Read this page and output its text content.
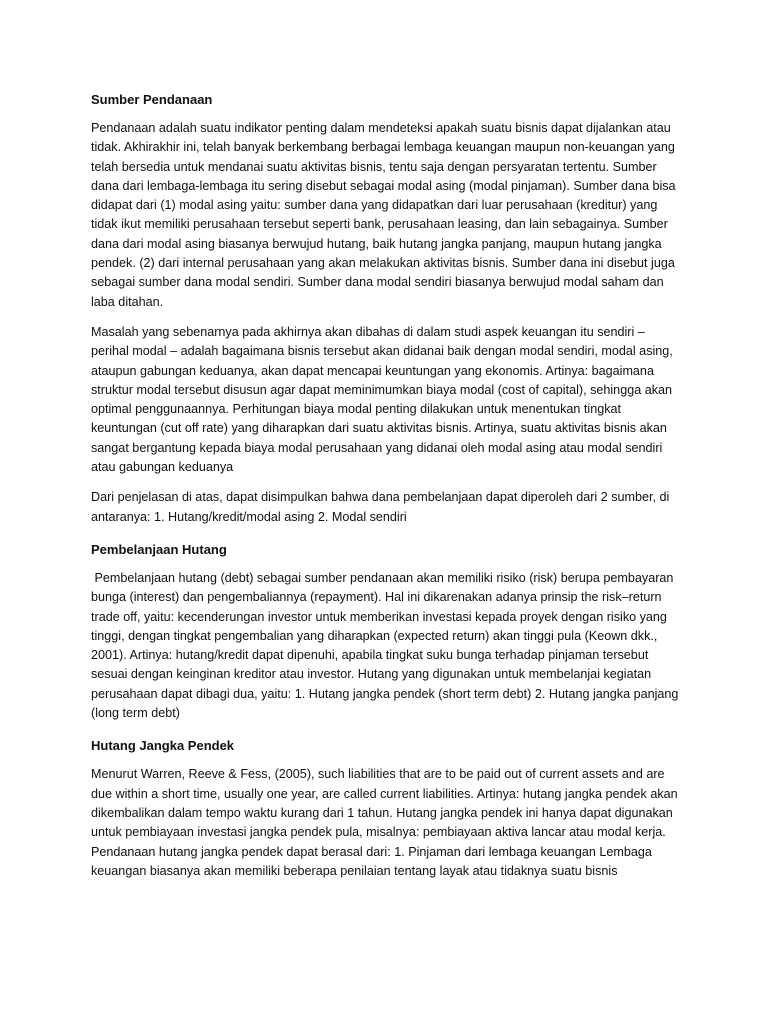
Sumber Pendanaan

Pendanaan adalah suatu indikator penting dalam mendeteksi apakah suatu bisnis dapat dijalankan atau tidak. Akhirakhir ini, telah banyak berkembang berbagai lembaga keuangan maupun non-keuangan yang telah bersedia untuk mendanai suatu aktivitas bisnis, tentu saja dengan persyaratan tertentu. Sumber dana dari lembaga-lembaga itu sering disebut sebagai modal asing (modal pinjaman). Sumber dana bisa didapat dari (1) modal asing yaitu: sumber dana yang didapatkan dari luar perusahaan (kreditur) yang tidak ikut memiliki perusahaan tersebut seperti bank, perusahaan leasing, dan lain sebagainya. Sumber dana dari modal asing biasanya berwujud hutang, baik hutang jangka panjang, maupun hutang jangka pendek. (2) dari internal perusahaan yang akan melakukan aktivitas bisnis. Sumber dana ini disebut juga sebagai sumber dana modal sendiri. Sumber dana modal sendiri biasanya berwujud modal saham dan laba ditahan.

Masalah yang sebenarnya pada akhirnya akan dibahas di dalam studi aspek keuangan itu sendiri – perihal modal – adalah bagaimana bisnis tersebut akan didanai baik dengan modal sendiri, modal asing, ataupun gabungan keduanya, akan dapat mencapai keuntungan yang ekonomis. Artinya: bagaimana struktur modal tersebut disusun agar dapat meminimumkan biaya modal (cost of capital), sehingga akan optimal penggunaannya. Perhitungan biaya modal penting dilakukan untuk menentukan tingkat keuntungan (cut off rate) yang diharapkan dari suatu aktivitas bisnis. Artinya, suatu aktivitas bisnis akan sangat bergantung kepada biaya modal perusahaan yang didanai oleh modal asing atau modal sendiri atau gabungan keduanya

Dari penjelasan di atas, dapat disimpulkan bahwa dana pembelanjaan dapat diperoleh dari 2 sumber, di antaranya: 1. Hutang/kredit/modal asing 2. Modal sendiri

Pembelanjaan Hutang

Pembelanjaan hutang (debt) sebagai sumber pendanaan akan memiliki risiko (risk) berupa pembayaran bunga (interest) dan pengembaliannya (repayment). Hal ini dikarenakan adanya prinsip the risk–return trade off, yaitu: kecenderungan investor untuk memberikan investasi kepada proyek dengan risiko yang tinggi, dengan tingkat pengembalian yang diharapkan (expected return) akan tinggi pula (Keown dkk., 2001). Artinya: hutang/kredit dapat dipenuhi, apabila tingkat suku bunga terhadap pinjaman tersebut sesuai dengan keinginan kreditor atau investor. Hutang yang digunakan untuk membelanjai kegiatan perusahaan dapat dibagi dua, yaitu: 1. Hutang jangka pendek (short term debt) 2. Hutang jangka panjang (long term debt)

Hutang Jangka Pendek

Menurut Warren, Reeve & Fess, (2005), such liabilities that are to be paid out of current assets and are due within a short time, usually one year, are called current liabilities. Artinya: hutang jangka pendek akan dikembalikan dalam tempo waktu kurang dari 1 tahun. Hutang jangka pendek ini hanya dapat digunakan untuk pembiayaan investasi jangka pendek pula, misalnya: pembiayaan aktiva lancar atau modal kerja. Pendanaan hutang jangka pendek dapat berasal dari: 1. Pinjaman dari lembaga keuangan Lembaga keuangan biasanya akan memiliki beberapa penilaian tentang layak atau tidaknya suatu bisnis
